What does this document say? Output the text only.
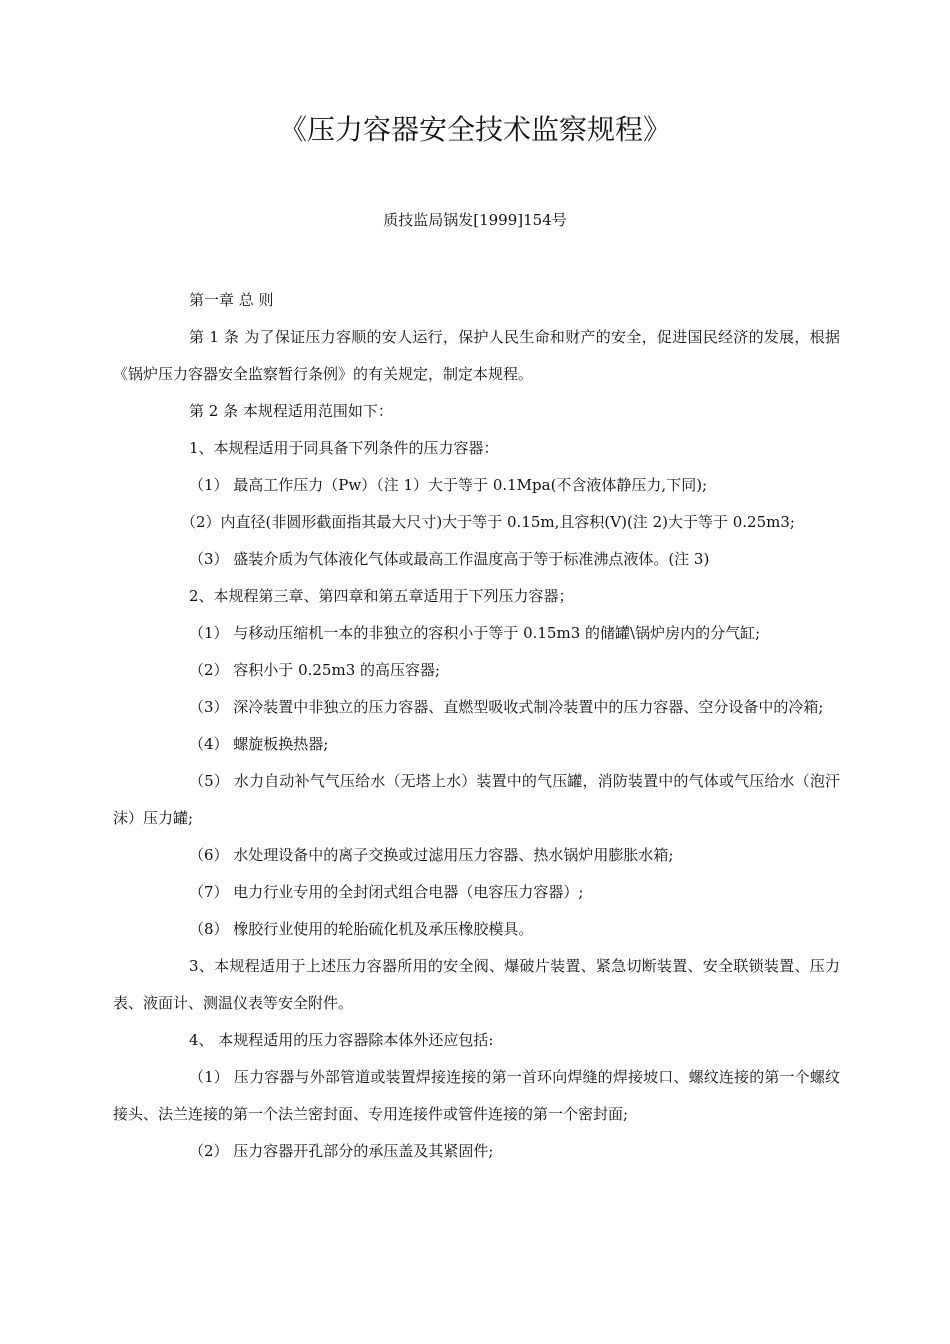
《压力容器安全技术监察规程》
质技监局锅发[1999]154号

第一章 总 则

第 1 条 为了保证压力容顺的安人运行，保护人民生命和财产的安全，促进国民经济的发展，根据《锅炉压力容器安全监察暂行条例》的有关规定，制定本规程。

第 2 条 本规程适用范围如下：

1、本规程适用于同具备下列条件的压力容器：

（1） 最高工作压力（Pw）（注 1）大于等于 0.1Mpa(不含液体静压力,下同);

（2）内直径(非圆形截面指其最大尺寸)大于等于 0.15m,且容积(V)(注 2)大于等于 0.25m3;

（3） 盛装介质为气体液化气体或最高工作温度高于等于标准沸点液体。(注 3)

2、本规程第三章、第四章和第五章适用于下列压力容器；

（1） 与移动压缩机一本的非独立的容积小于等于 0.15m3 的储罐\锅炉房内的分气缸;

（2） 容积小于 0.25m3 的高压容器;

（3） 深冷装置中非独立的压力容器、直燃型吸收式制冷装置中的压力容器、空分设备中的冷箱;

（4） 螺旋板换热器;

（5） 水力自动补气气压给水（无塔上水）装置中的气压罐，消防装置中的气体或气压给水（泡汗沫）压力罐;

（6） 水处理设备中的离子交换或过滤用压力容器、热水锅炉用膨胀水箱;

（7） 电力行业专用的全封闭式组合电器（电容压力容器）;

（8） 橡胶行业使用的轮胎硫化机及承压橡胶模具。

3、本规程适用于上述压力容器所用的安全阀、爆破片装置、紧急切断装置、安全联锁装置、压力表、液面计、测温仪表等安全附件。

4、 本规程适用的压力容器除本体外还应包括:

（1） 压力容器与外部管道或装置焊接连接的第一首环向焊缝的焊接坡口、螺纹连接的第一个螺纹接头、法兰连接的第一个法兰密封面、专用连接件或管件连接的第一个密封面;

（2） 压力容器开孔部分的承压盖及其紧固件;
